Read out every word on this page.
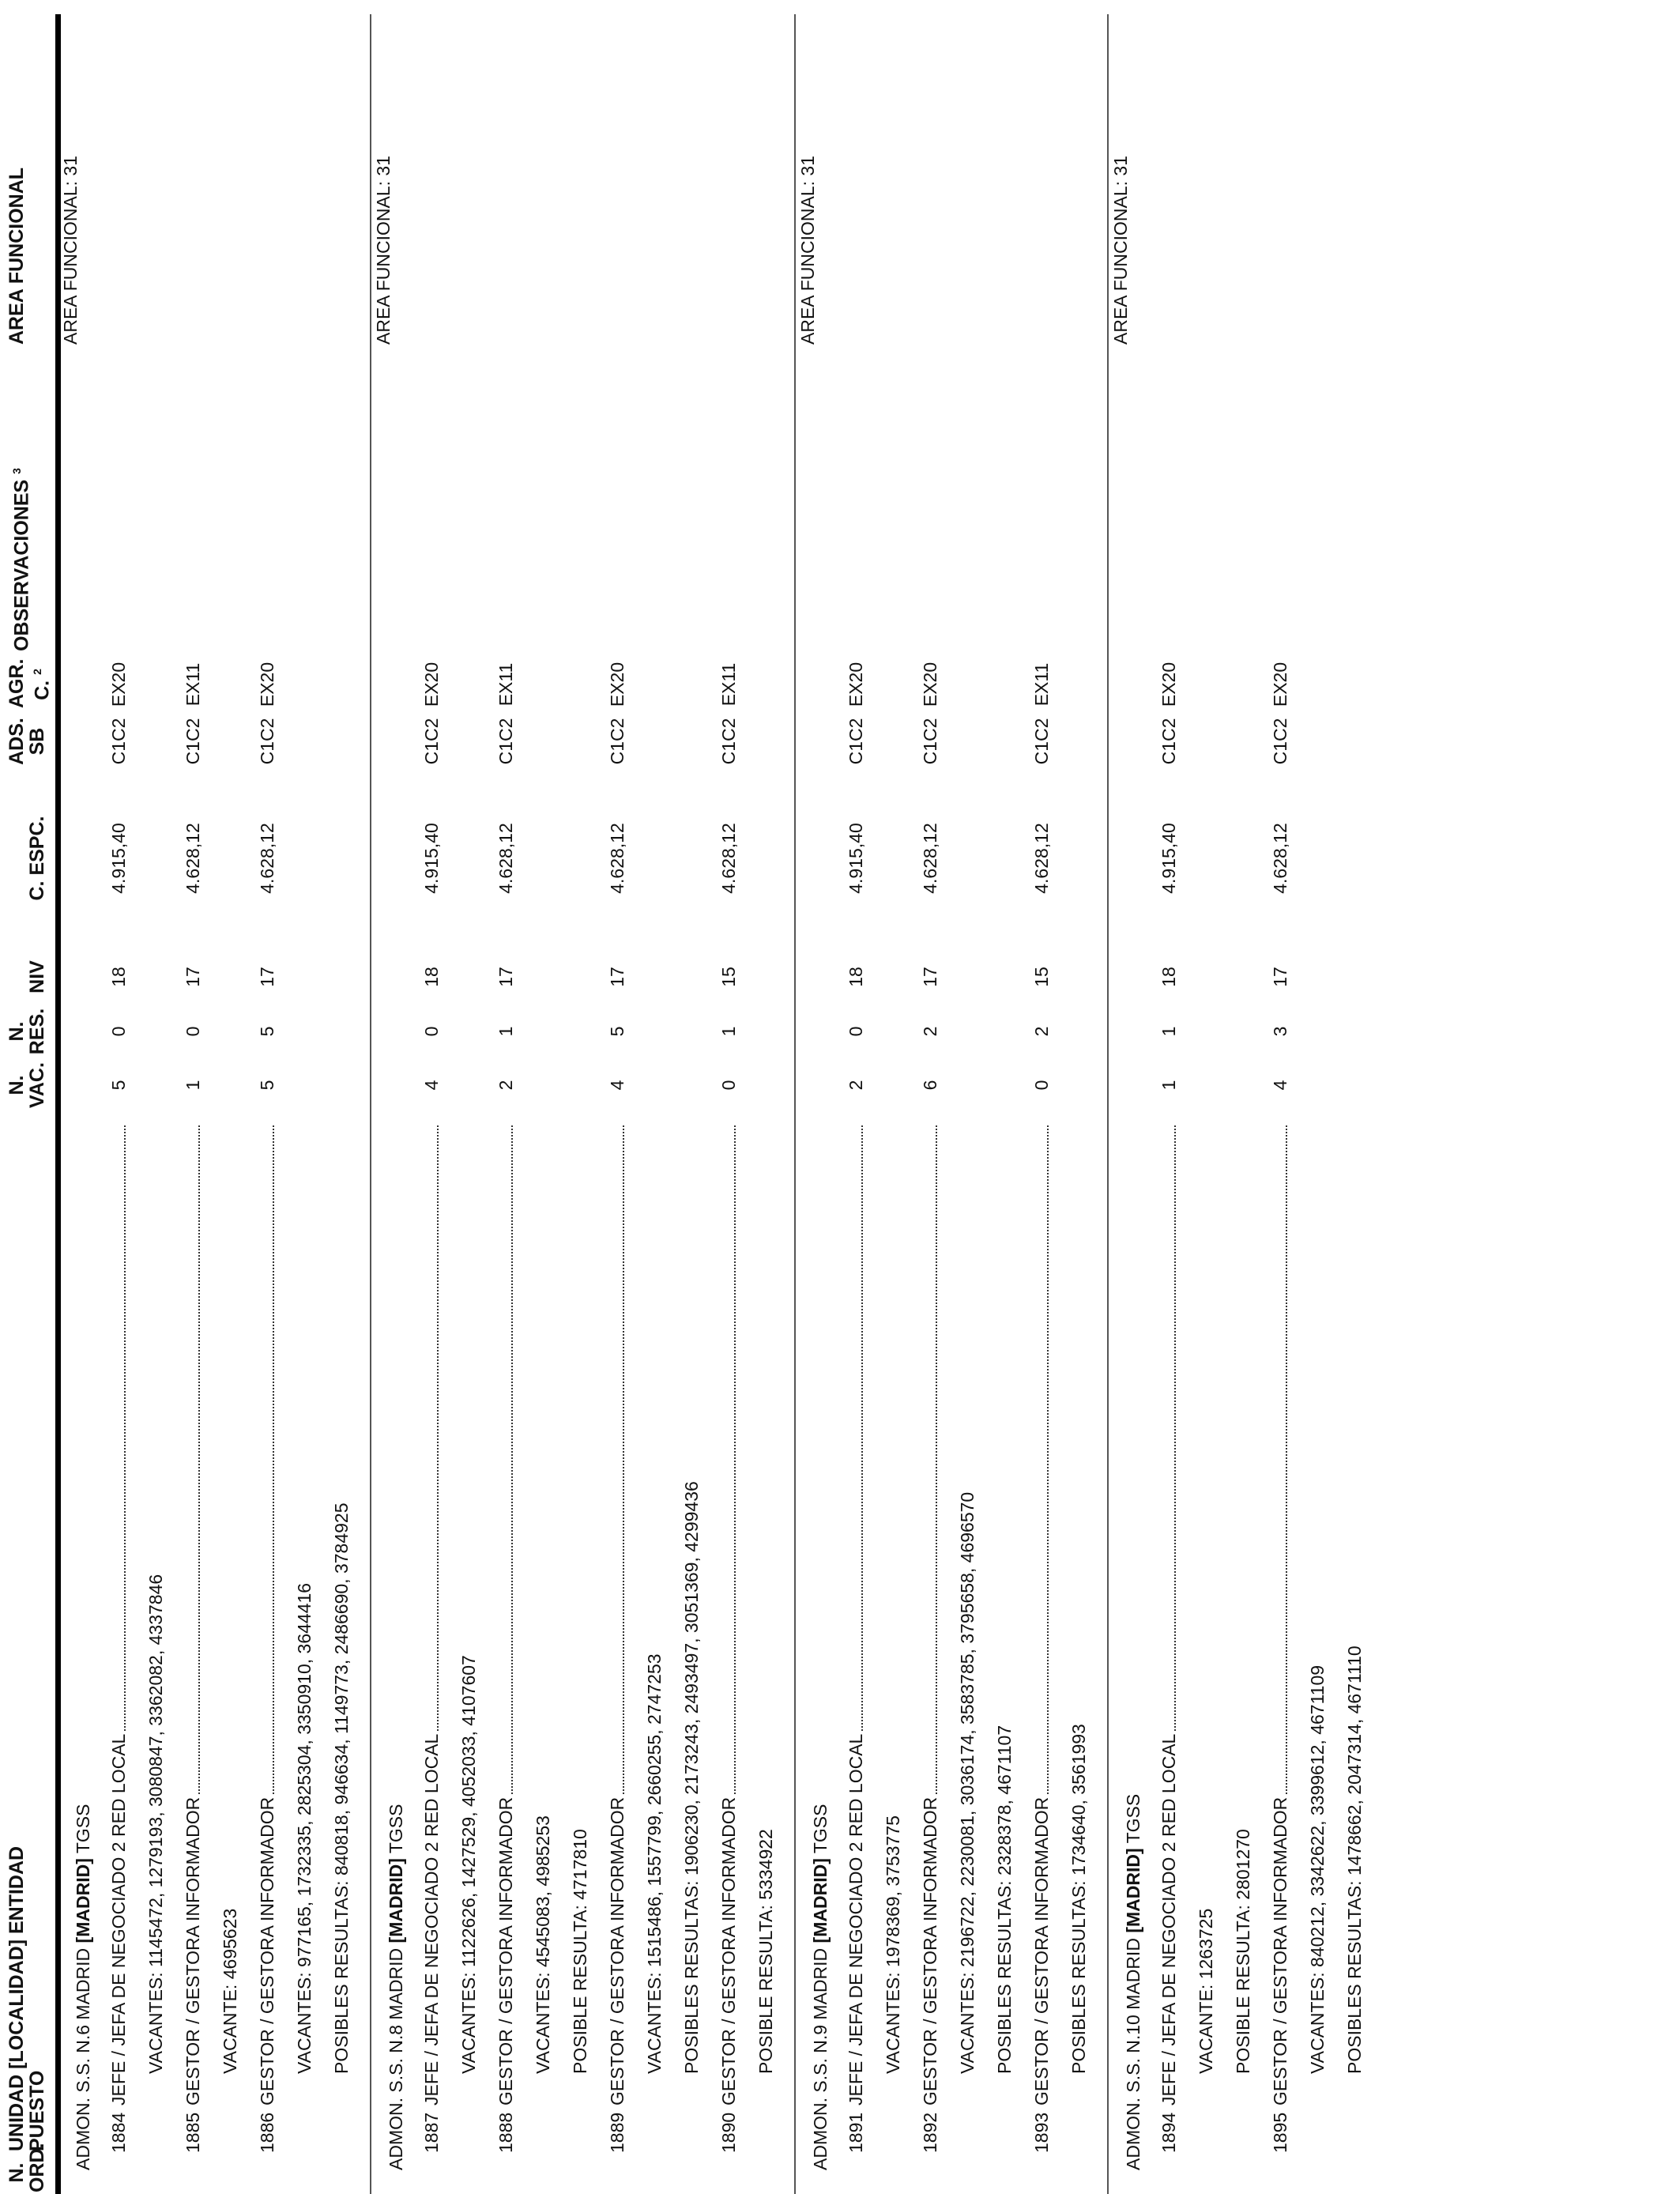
N.
ORD.
UNIDAD [LOCALIDAD] ENTIDAD
PUESTO
N.
VAC.
N.
RES.
NIV
C. ESPC.
ADS.
SB
AGR. C. $^2$
OBSERVACIONES $^3$
AREA FUNCIONAL
ADMON. S.S. N.6 MADRID [MADRID] TGSS
AREA FUNCIONAL: 31
1884
JEFE / JEFA DE NEGOCIADO 2 RED LOCAL
5
0
18
4.915,40
C1C2
EX20
VACANTES: 1145472, 1279193, 3080847, 3362082, 4337846
1885
GESTOR / GESTORA INFORMADOR
1
0
17
4.628,12
C1C2
EX11
VACANTE: 4695623
1886
GESTOR / GESTORA INFORMADOR
5
5
17
4.628,12
C1C2
EX20
VACANTES: 977165, 1732335, 2825304, 3350910, 3644416 POSIBLES RESULTAS: 840818, 946634, 1149773, 2486690, 3784925 ADMON. S.S. N.8 MADRID [MADRID] TGSS
AREA FUNCIONAL: 31
1887
JEFE / JEFA DE NEGOCIADO 2 RED LOCAL
4
0
18
4.915,40
C1C2
EX20
VACANTES: 1122626, 1427529, 4052033, 4107607
1888
GESTOR / GESTORA INFORMADOR
2
1
17
4.628,12
C1C2
EX11
VACANTES: 4545083, 4985253 POSIBLE RESULTA: 4717810
1889
GESTOR / GESTORA INFORMADOR
4
5
17
4.628,12
C1C2
EX20
VACANTES: 1515486, 1557799, 2660255, 2747253 POSIBLES RESULTAS: 1906230, 2173243, 2493497, 3051369, 4299436
1890
GESTOR / GESTORA INFORMADOR
0
1
15
4.628,12
C1C2
EX11
POSIBLE RESULTA: 5334922 ADMON. S.S. N.9 MADRID [MADRID] TGSS
AREA FUNCIONAL: 31
1891
JEFE / JEFA DE NEGOCIADO 2 RED LOCAL
2
0
18
4.915,40
C1C2
EX20
VACANTES: 1978369, 3753775
1892
GESTOR / GESTORA INFORMADOR
6
2
17
4.628,12
C1C2
EX20
VACANTES: 2196722, 2230081, 3036174, 3583785, 3795658, 4696570 POSIBLES RESULTAS: 2328378, 4671107
1893
GESTOR / GESTORA INFORMADOR
0
2
15
4.628,12
C1C2
EX11
POSIBLES RESULTAS: 1734640, 3561993 ADMON. S.S. N.10 MADRID [MADRID] TGSS
AREA FUNCIONAL: 31
1894
JEFE / JEFA DE NEGOCIADO 2 RED LOCAL
1
1
18
4.915,40
C1C2
EX20
VACANTE: 1263725 POSIBLE RESULTA: 2801270
1895
GESTOR / GESTORA INFORMADOR
4
3
17
4.628,12
C1C2
EX20
VACANTES: 840212, 3342622, 3399612, 4671109 POSIBLES RESULTAS: 1478662, 2047314, 4671110
